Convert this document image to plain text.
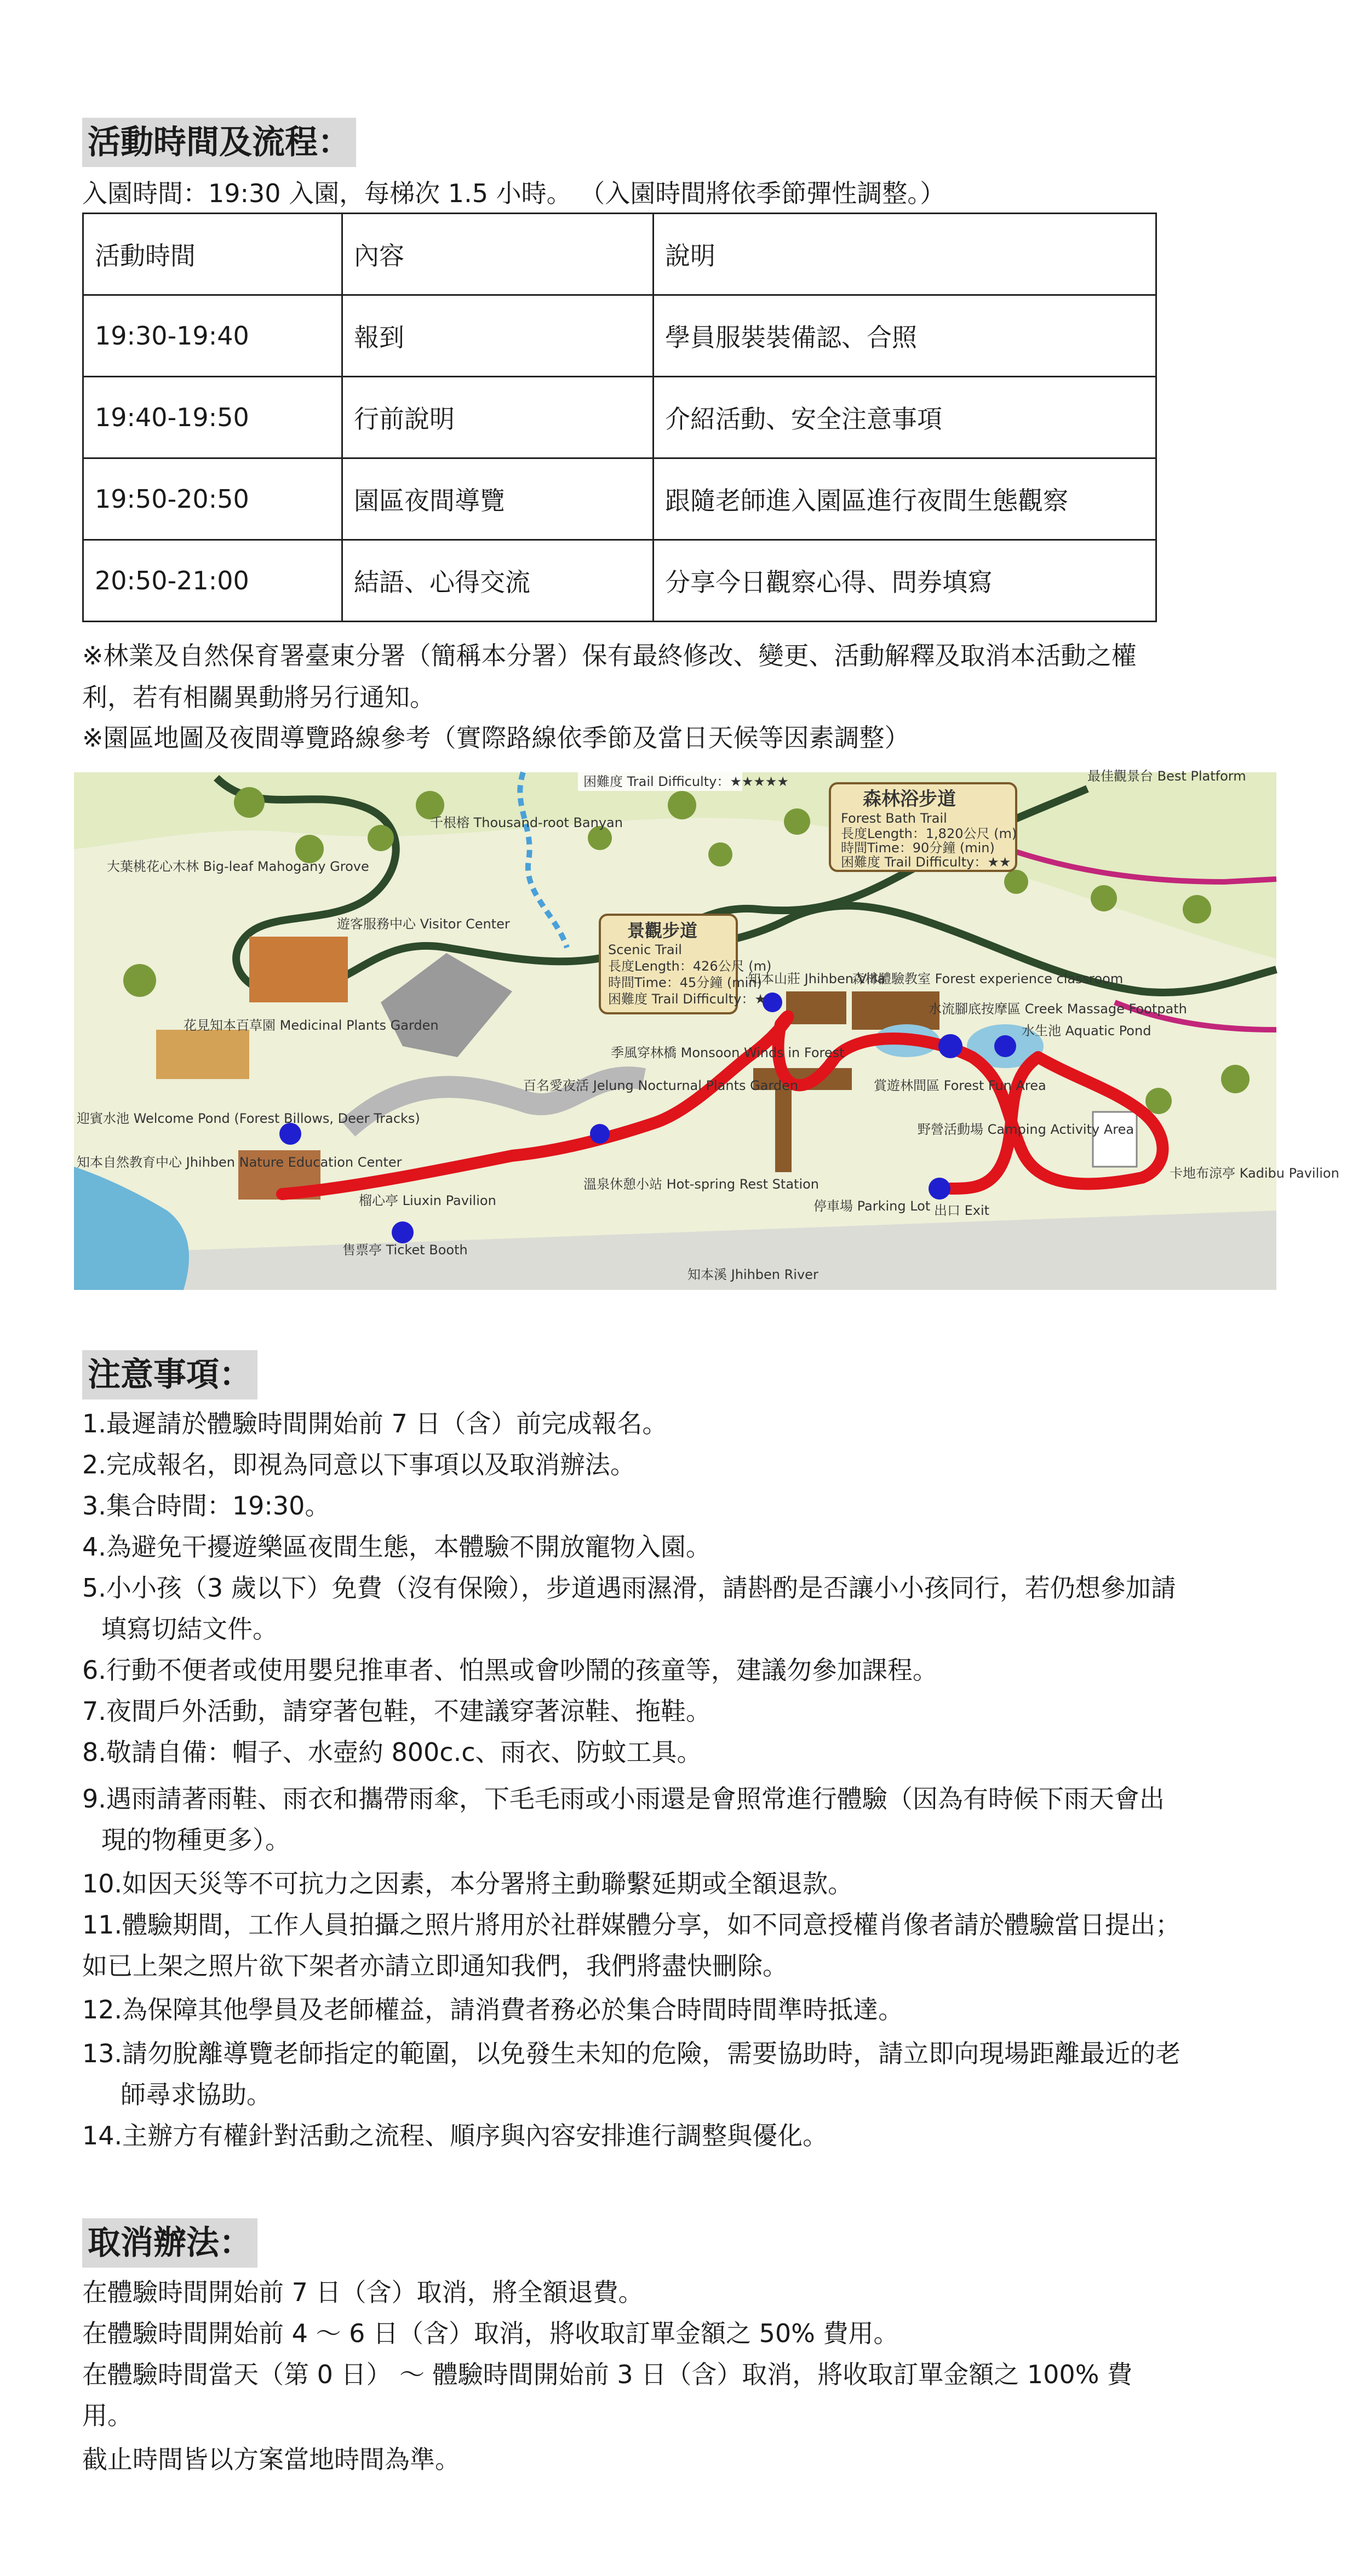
活動時間及流程：
入園時間：19:30 入園，每梯次 1.5 小時。 （入園時間將依季節彈性調整。）
活動時間	內容	說明
19:30-19:40	報到	學員服裝裝備認、合照
19:40-19:50	行前說明	介紹活動、安全注意事項
19:50-20:50	園區夜間導覽	跟隨老師進入園區進行夜間生態觀察
20:50-21:00	結語、心得交流	分享今日觀察心得、問券填寫
※林業及自然保育署臺東分署（簡稱本分署）保有最終修改、變更、活動解釋及取消本活動之權
利，若有相關異動將另行通知。
※園區地圖及夜間導覽路線參考（實際路線依季節及當日天候等因素調整）
困難度 Trail Difficulty：★★★★★
千根榕 Thousand-root Banyan
大葉桃花心木林 Big-leaf Mahogany Grove
森林浴步道
Forest Bath Trail
長度Length：1,820公尺 (m)
時間Time：90分鐘 (min)
困難度 Trail Difficulty：★★
景觀步道
Scenic Trail
長度Length：426公尺 (m)
時間Time：45分鐘 (min)
困難度 Trail Difficulty：★
遊客服務中心 Visitor Center
花見知本百草園 Medicinal Plants Garden
知本山莊 Jhihben Villa
森林體驗教室 Forest experience classroom
水流腳底按摩區 Creek Massage Footpath
水生池 Aquatic Pond
季風穿林橋 Monsoon Winds in Forest
百名愛夜活 Jelung Nocturnal Plants Garden	賞遊林間區 Forest Fun Area
野營活動場 Camping Activity Area
迎賓水池 Welcome Pond (Forest Billows, Deer Tracks)
知本自然教育中心 Jhihben Nature Education Center
榴心亭 Liuxin Pavilion
溫泉休憩小站 Hot-spring Rest Station
停車場 Parking Lot 出口 Exit
卡地布涼亭 Kadibu Pavilion
售票亭 Ticket Booth
最佳觀景台 Best Platform
知本溪 Jhihben River
注意事項：
1.最遲請於體驗時間開始前 7 日（含）前完成報名。
2.完成報名，即視為同意以下事項以及取消辦法。
3.集合時間：19:30。
4.為避免干擾遊樂區夜間生態，本體驗不開放寵物入園。
5.小小孩（3 歲以下）免費（沒有保險），步道遇雨濕滑，請斟酌是否讓小小孩同行，若仍想參加請
填寫切結文件。
6.行動不便者或使用嬰兒推車者、怕黑或會吵鬧的孩童等，建議勿參加課程。
7.夜間戶外活動，請穿著包鞋，不建議穿著涼鞋、拖鞋。
8.敬請自備：帽子、水壺約 800c.c、雨衣、防蚊工具。
9.遇雨請著雨鞋、雨衣和攜帶雨傘，下毛毛雨或小雨還是會照常進行體驗（因為有時候下雨天會出
現的物種更多）。
10.如因天災等不可抗力之因素，本分署將主動聯繫延期或全額退款。
11.體驗期間，工作人員拍攝之照片將用於社群媒體分享，如不同意授權肖像者請於體驗當日提出；
如已上架之照片欲下架者亦請立即通知我們，我們將盡快刪除。
12.為保障其他學員及老師權益，請消費者務必於集合時間時間準時抵達。
13.請勿脫離導覽老師指定的範圍，以免發生未知的危險，需要協助時，請立即向現場距離最近的老
師尋求協助。
14.主辦方有權針對活動之流程、順序與內容安排進行調整與優化。
取消辦法：
在體驗時間開始前 7 日（含）取消，將全額退費。
在體驗時間開始前 4 ～ 6 日（含）取消，將收取訂單金額之 50% 費用。
在體驗時間當天（第 0 日） ～ 體驗時間開始前 3 日（含）取消，將收取訂單金額之 100% 費
用。
截止時間皆以方案當地時間為準。
